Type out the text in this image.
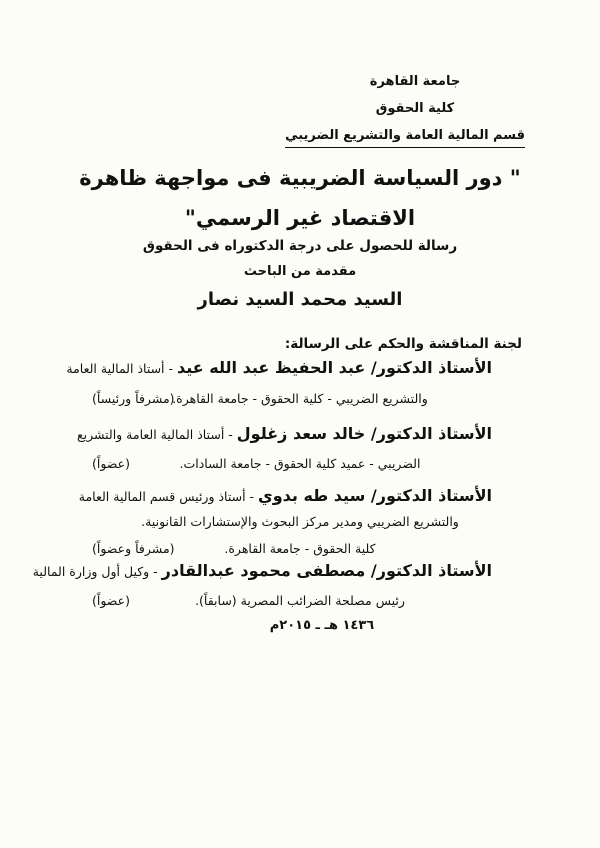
جامعة القاهرة
كلية الحقوق
قسم المالية العامة والتشريع الضريبي
" دور السياسة الضريبية فى مواجهة ظاهرة
الاقتصاد غير الرسمي"
رسالة للحصول على درجة الدكتوراه فى الحقوق
مقدمة من الباحث
السيد محمد السيد نصار
لجنة المناقشة والحكم على الرسالة:
الأستاذ الدكتور/ عبد الحفيظ عبد الله عيد - أستاذ المالية العامة
(مشرفاً ورئيساً)
والتشريع الضريبي - كلية الحقوق - جامعة القاهرة.
الأستاذ الدكتور/ خالد سعد زغلول - أستاذ المالية العامة والتشريع
(عضواً)	الضريبي - عميد كلية الحقوق - جامعة السادات.
الأستاذ الدكتور/ سيد طه بدوي - أستاذ ورئيس قسم المالية العامة
والتشريع الضريبي ومدير مركز البحوث والإستشارات القانونية.
(مشرفاً وعضواً)	كلية الحقوق - جامعة القاهرة.
الأستاذ الدكتور/ مصطفى محمود عبدالقادر - وكيل أول وزارة المالية
(عضواً)	رئيس مصلحة الضرائب المصرية (سابقاً).
١٤٣٦ هـ ـ ٢٠١٥م
